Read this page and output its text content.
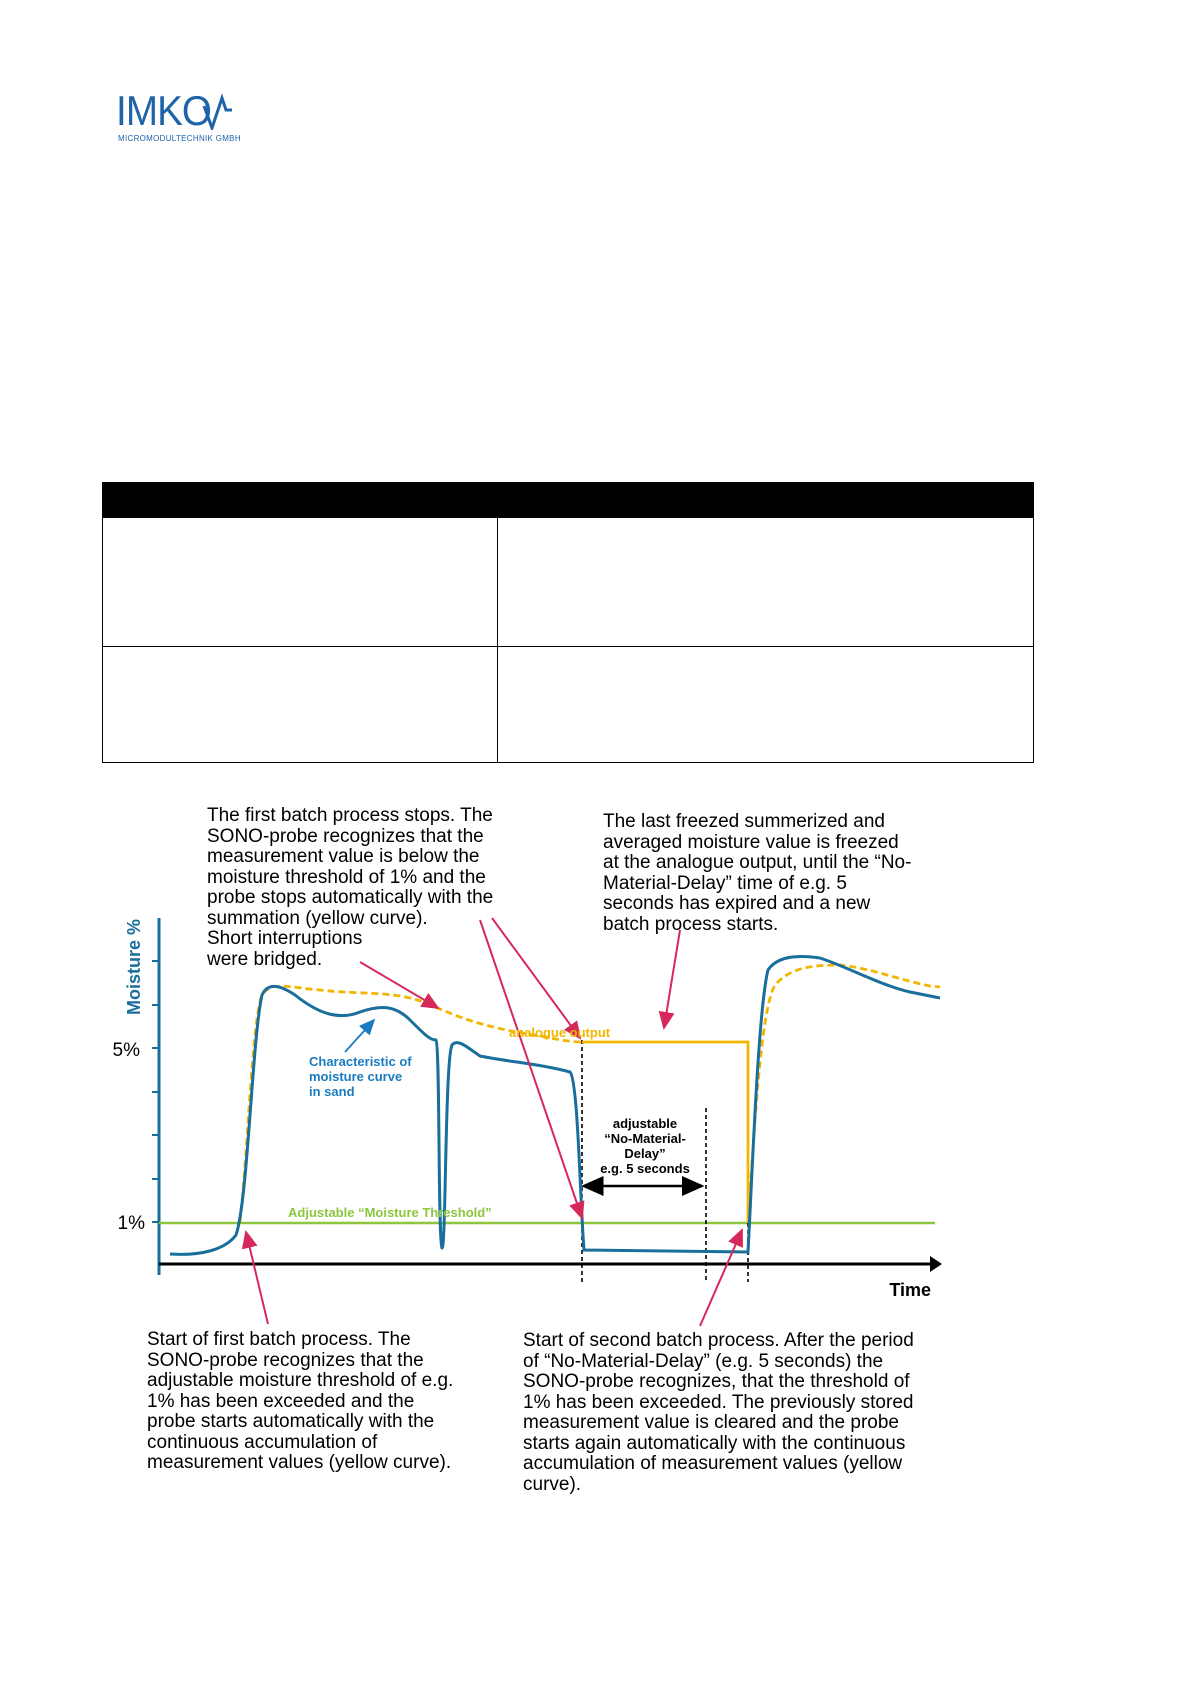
IMKO
MICROMODULTECHNIK GMBH
Moisture %
Time
5%
1%
analogue output
Adjustable “Moisture Threshold”
Characteristic of
moisture curve
in sand
adjustable
“No-Material-
Delay”
e.g. 5 seconds
The first batch process stops. The
SONO-probe recognizes that the
measurement value is below the
moisture threshold of 1% and the
probe stops automatically with the
summation (yellow curve).
Short interruptions
were bridged.
The last freezed summerized and
averaged moisture value is freezed
at the analogue output, until the “No-
Material-Delay” time of e.g. 5
seconds has expired and a new
batch process starts.
Start of first batch process. The
SONO-probe recognizes that the
adjustable moisture threshold of e.g.
1% has been exceeded and the
probe starts automatically with the
continuous accumulation of
measurement values (yellow curve).
Start of second batch process. After the period
of “No-Material-Delay” (e.g. 5 seconds) the
SONO-probe recognizes, that the threshold of
1% has been exceeded. The previously stored
measurement value is cleared and the probe
starts again automatically with the continuous
accumulation of measurement values (yellow
curve).
